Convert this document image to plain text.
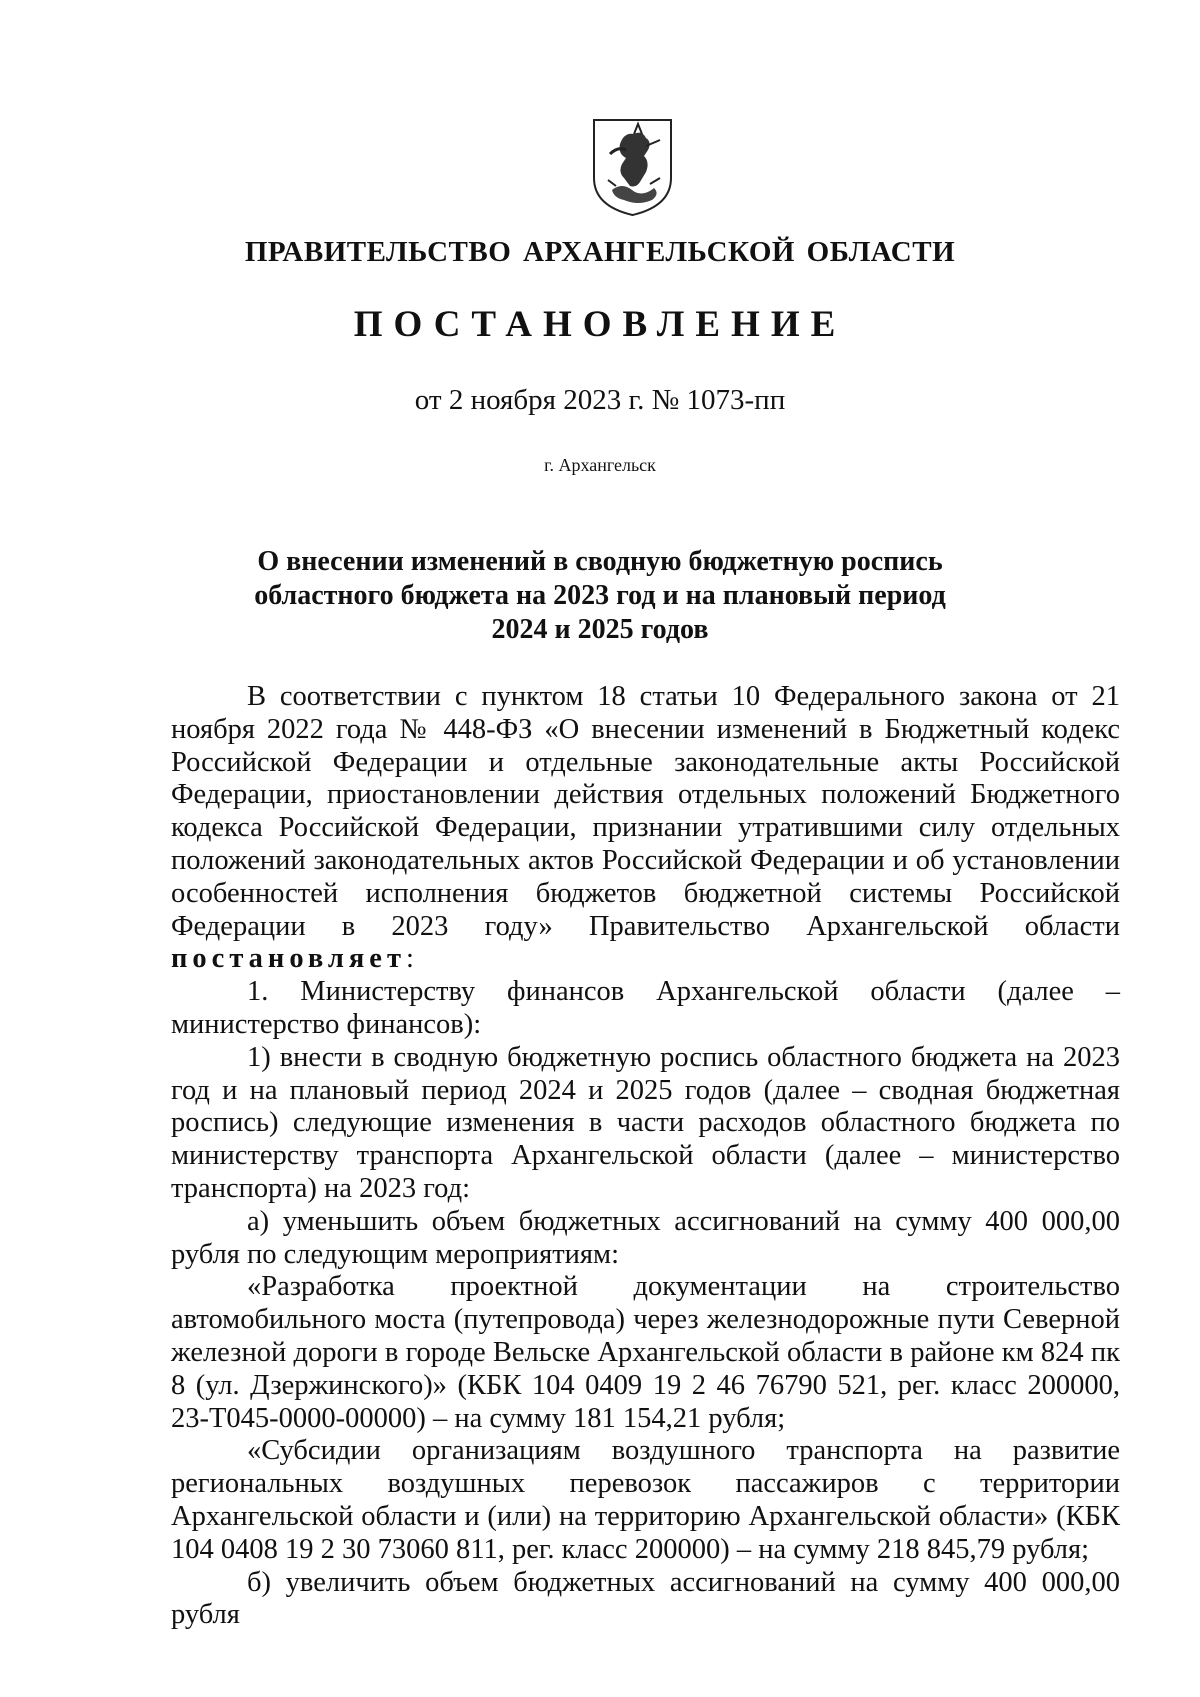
ПРАВИТЕЛЬСТВО АРХАНГЕЛЬСКОЙ ОБЛАСТИ
ПОСТАНОВЛЕНИЕ
от 2 ноября 2023 г. № 1073-пп
г. Архангельск
О внесении изменений в сводную бюджетную роспись
областного бюджета на 2023 год и на плановый период
2024 и 2025 годов

В соответствии с пунктом 18 статьи 10 Федерального закона от 21 ноября 2022 года № 448-ФЗ «О внесении изменений в Бюджетный кодекс Российской Федерации и отдельные законодательные акты Российской Федерации, приостановлении действия отдельных положений Бюджетного кодекса Российской Федерации, признании утратившими силу отдельных положений законодательных актов Российской Федерации и об установлении особенностей исполнения бюджетов бюджетной системы Российской Федерации в 2023 году» Правительство Архангельской области постановляет:

1. Министерству финансов Архангельской области (далее – министерство финансов):

1) внести в сводную бюджетную роспись областного бюджета на 2023 год и на плановый период 2024 и 2025 годов (далее – сводная бюджетная роспись) следующие изменения в части расходов областного бюджета по министерству транспорта Архангельской области (далее – министерство транспорта) на 2023 год:

а) уменьшить объем бюджетных ассигнований на сумму 400 000,00 рубля по следующим мероприятиям:

«Разработка проектной документации на строительство автомобильного моста (путепровода) через железнодорожные пути Северной железной дороги в городе Вельске Архангельской области в районе км 824 пк 8 (ул. Дзержинского)» (КБК 104 0409 19 2 46 76790 521, рег. класс 200000, 23-Т045-0000-00000) – на сумму 181 154,21 рубля;

«Субсидии организациям воздушного транспорта на развитие региональных воздушных перевозок пассажиров с территории Архангельской области и (или) на территорию Архангельской области» (КБК 104 0408 19 2 30 73060 811, рег. класс 200000) – на сумму 218 845,79 рубля;

б) увеличить объем бюджетных ассигнований на сумму 400 000,00 рубля
